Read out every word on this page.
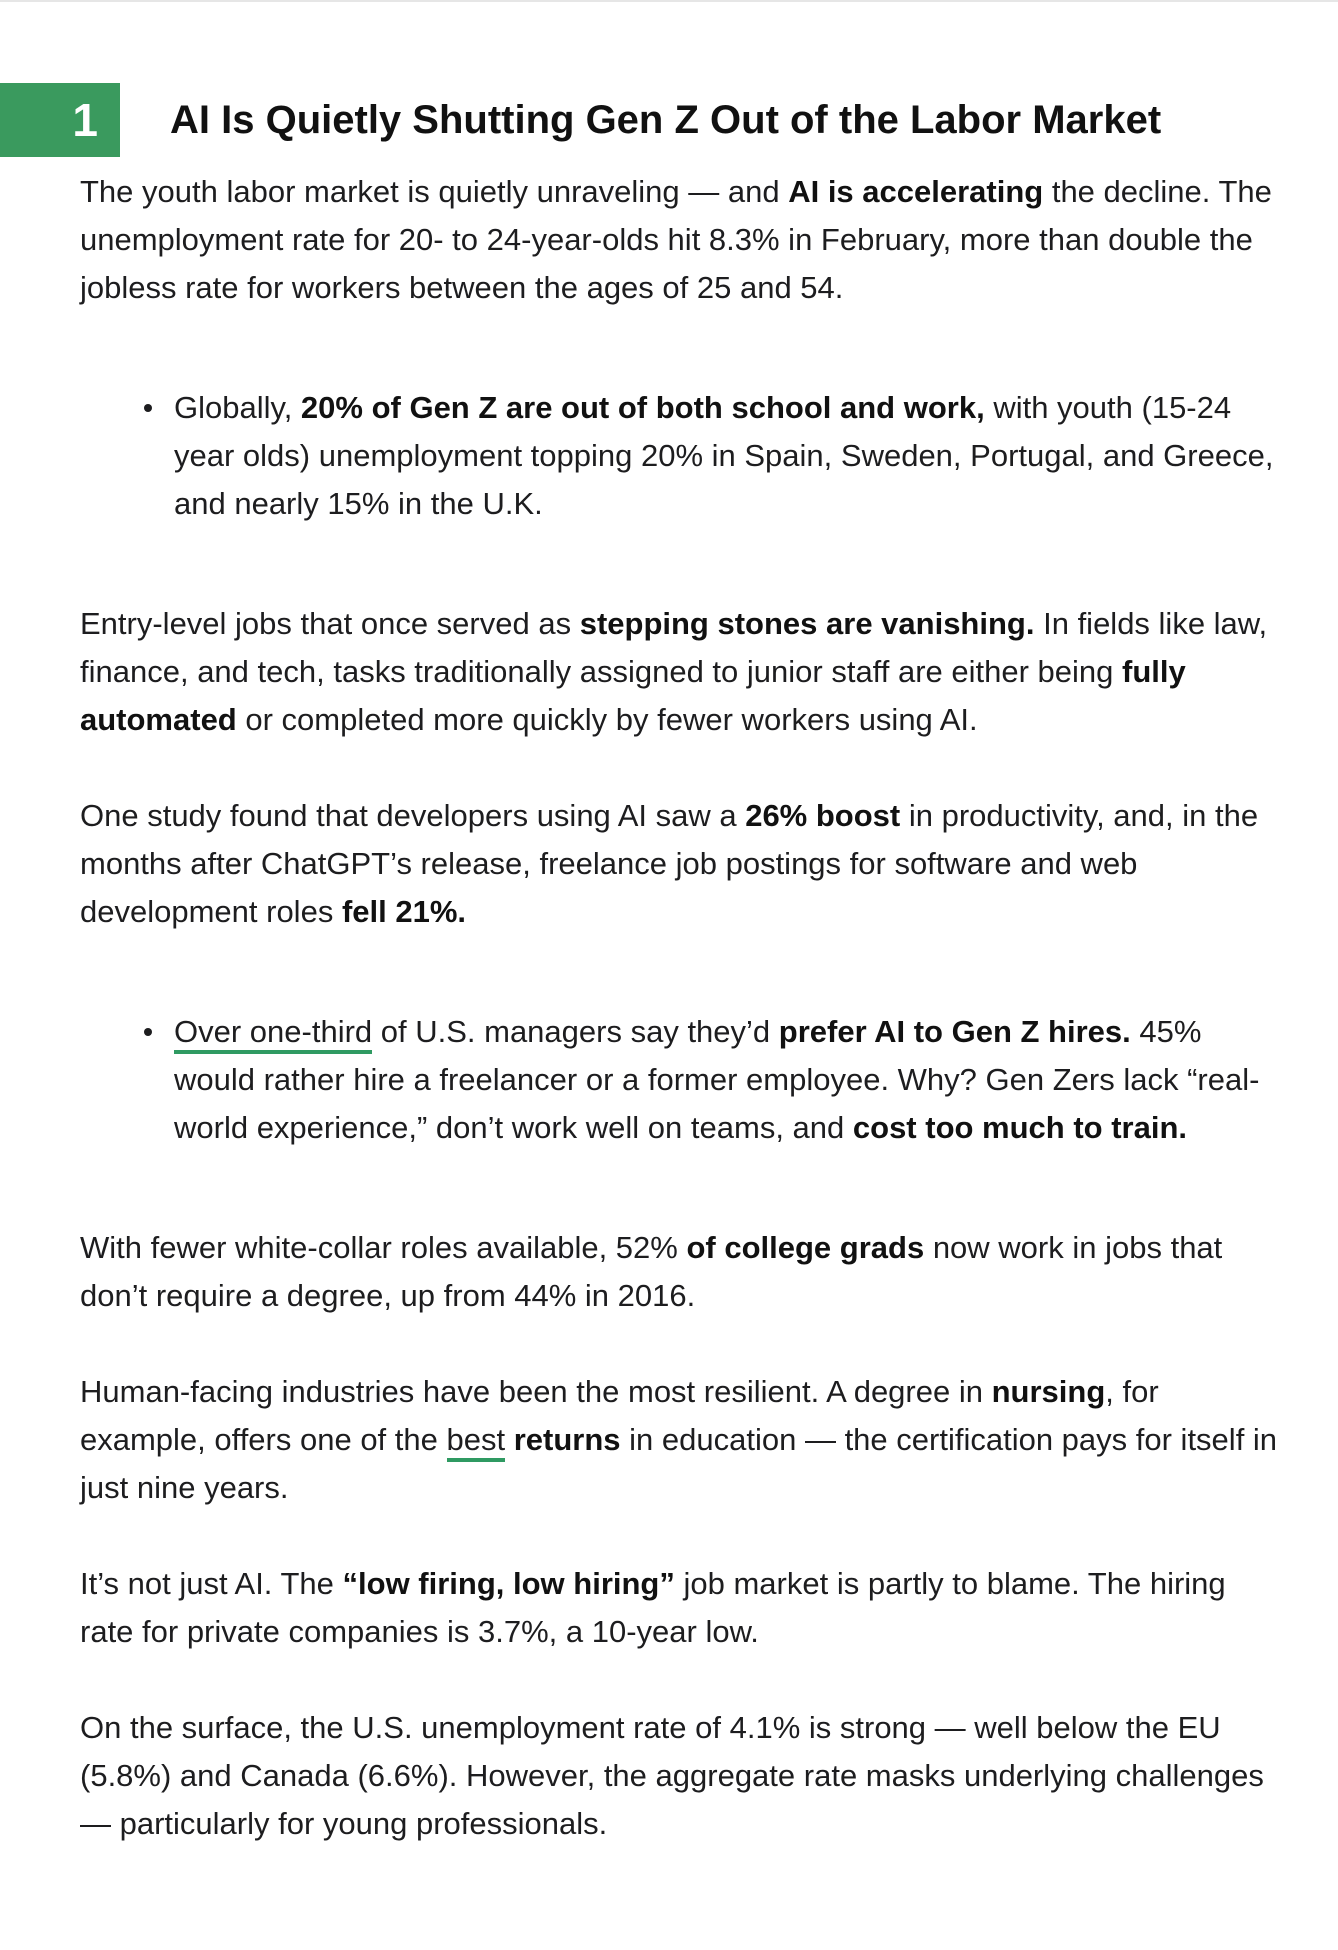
1	AI Is Quietly Shutting Gen Z Out of the Labor Market

The youth labor market is quietly unraveling — and AI is accelerating the decline. The unemployment rate for 20- to 24-year-olds hit 8.3% in February, more than double the jobless rate for workers between the ages of 25 and 54.

Globally, 20% of Gen Z are out of both school and work, with youth (15-24 year olds) unemployment topping 20% in Spain, Sweden, Portugal, and Greece, and nearly 15% in the U.K.

Entry-level jobs that once served as stepping stones are vanishing. In fields like law, finance, and tech, tasks traditionally assigned to junior staff are either being fully automated or completed more quickly by fewer workers using AI.

One study found that developers using AI saw a 26% boost in productivity, and, in the months after ChatGPT’s release, freelance job postings for software and web development roles fell 21%.

Over one-third of U.S. managers say they’d prefer AI to Gen Z hires. 45% would rather hire a freelancer or a former employee. Why? Gen Zers lack “real-world experience,” don’t work well on teams, and cost too much to train.

With fewer white-collar roles available, 52% of college grads now work in jobs that don’t require a degree, up from 44% in 2016.

Human-facing industries have been the most resilient. A degree in nursing, for example, offers one of the best returns in education — the certification pays for itself in just nine years.

It’s not just AI. The “low firing, low hiring” job market is partly to blame. The hiring rate for private companies is 3.7%, a 10-year low.

On the surface, the U.S. unemployment rate of 4.1% is strong — well below the EU (5.8%) and Canada (6.6%). However, the aggregate rate masks underlying challenges — particularly for young professionals.
